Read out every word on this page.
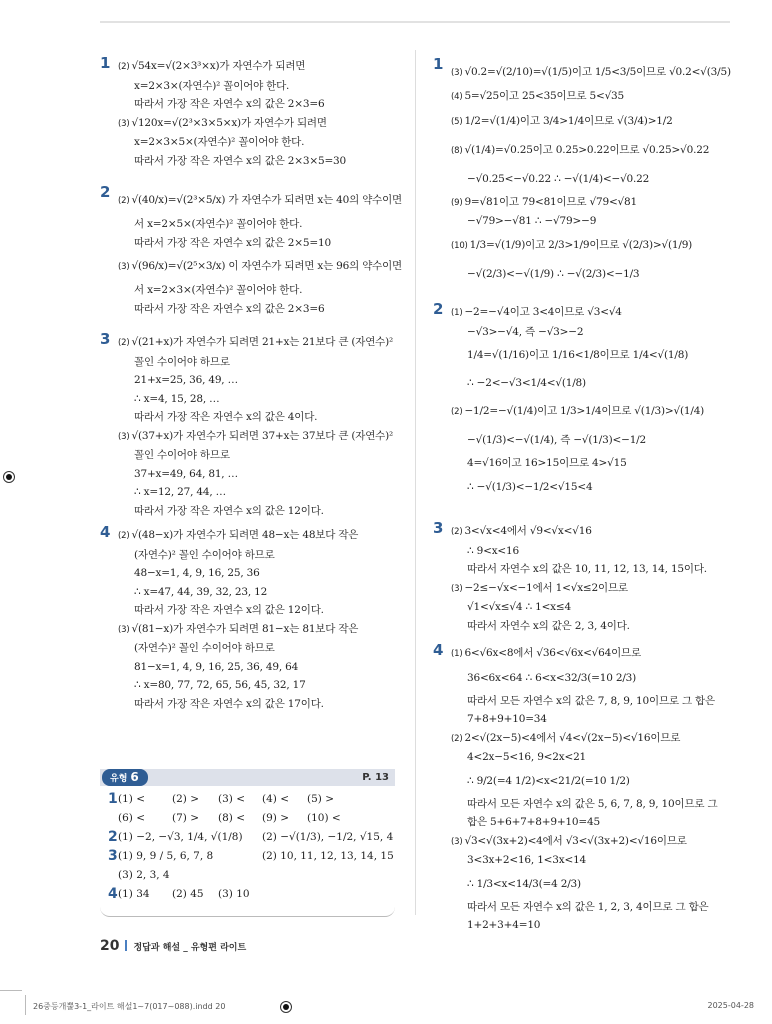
1 (2) √54x=√(2×3³×x)가 자연수가 되려면
x=2×3×(자연수)² 꼴이어야 한다.
따라서 가장 작은 자연수 x의 값은 2×3=6
(3) √120x=√(2³×3×5×x)가 자연수가 되려면
x=2×3×5×(자연수)² 꼴이어야 한다.
따라서 가장 작은 자연수 x의 값은 2×3×5=30
2 (2) √(40/x)=√(2³×5/x) 가 자연수가 되려면 x는 40의 약수이면
서 x=2×5×(자연수)² 꼴이어야 한다.
따라서 가장 작은 자연수 x의 값은 2×5=10
(3) √(96/x)=√(2⁵×3/x) 이 자연수가 되려면 x는 96의 약수이면
서 x=2×3×(자연수)² 꼴이어야 한다.
따라서 가장 작은 자연수 x의 값은 2×3=6
3 (2) √(21+x)가 자연수가 되려면 21+x는 21보다 큰 (자연수)²
꼴인 수이어야 하므로
21+x=25, 36, 49, …
∴ x=4, 15, 28, …
따라서 가장 작은 자연수 x의 값은 4이다.
(3) √(37+x)가 자연수가 되려면 37+x는 37보다 큰 (자연수)²
꼴인 수이어야 하므로
37+x=49, 64, 81, …
∴ x=12, 27, 44, …
따라서 가장 작은 자연수 x의 값은 12이다.
4 (2) √(48−x)가 자연수가 되려면 48−x는 48보다 작은
(자연수)² 꼴인 수이어야 하므로
48−x=1, 4, 9, 16, 25, 36
∴ x=47, 44, 39, 32, 23, 12
따라서 가장 작은 자연수 x의 값은 12이다.
(3) √(81−x)가 자연수가 되려면 81−x는 81보다 작은
(자연수)² 꼴인 수이어야 하므로
81−x=1, 4, 9, 16, 25, 36, 49, 64
∴ x=80, 77, 72, 65, 56, 45, 32, 17
따라서 가장 작은 자연수 x의 값은 17이다.
1 (3) √0.2=√(2/10)=√(1/5)이고 1/5<3/5이므로 √0.2<√(3/5)
(4) 5=√25이고 25<35이므로 5<√35
(5) 1/2=√(1/4)이고 3/4>1/4이므로 √(3/4)>1/2
(8) √(1/4)=√0.25이고 0.25>0.22이므로 √0.25>√0.22
−√0.25<−√0.22 ∴ −√(1/4)<−√0.22
(9) 9=√81이고 79<81이므로 √79<√81
−√79>−√81 ∴ −√79>−9
(10) 1/3=√(1/9)이고 2/3>1/9이므로 √(2/3)>√(1/9)
−√(2/3)<−√(1/9) ∴ −√(2/3)<−1/3
2 (1) −2=−√4이고 3<4이므로 √3<√4
−√3>−√4, 즉 −√3>−2
1/4=√(1/16)이고 1/16<1/8이므로 1/4<√(1/8)
∴ −2<−√3<1/4<√(1/8)
(2) −1/2=−√(1/4)이고 1/3>1/4이므로 √(1/3)>√(1/4)
−√(1/3)<−√(1/4), 즉 −√(1/3)<−1/2
4=√16이고 16>15이므로 4>√15
∴ −√(1/3)<−1/2<√15<4
3 (2) 3<√x<4에서 √9<√x<√16
∴ 9<x<16
따라서 자연수 x의 값은 10, 11, 12, 13, 14, 15이다.
(3) −2≤−√x<−1에서 1<√x≤2이므로
√1<√x≤√4 ∴ 1<x≤4
따라서 자연수 x의 값은 2, 3, 4이다.
4 (1) 6<√6x<8에서 √36<√6x<√64이므로
36<6x<64 ∴ 6<x<32/3(=10 2/3)
따라서 모든 자연수 x의 값은 7, 8, 9, 10이므로 그 합은
7+8+9+10=34
(2) 2<√(2x−5)<4에서 √4<√(2x−5)<√16이므로
4<2x−5<16, 9<2x<21
∴ 9/2(=4 1/2)<x<21/2(=10 1/2)
따라서 모든 자연수 x의 값은 5, 6, 7, 8, 9, 10이므로 그
합은 5+6+7+8+9+10=45
(3) √3<√(3x+2)<4에서 √3<√(3x+2)<√16이므로
3<3x+2<16, 1<3x<14
∴ 1/3<x<14/3(=4 2/3)
따라서 모든 자연수 x의 값은 1, 2, 3, 4이므로 그 합은
1+2+3+4=10
유형 6	P. 13
1 (1) <	(2) > (3) < (4) < (5) >
(6) <	(7) > (8) < (9) > (10) <
2 (1) −2, −√3, 1/4, √(1/8) (2) −√(1/3), −1/2, √15, 4
3 (1) 9, 9 / 5, 6, 7, 8	(2) 10, 11, 12, 13, 14, 15
(3) 2, 3, 4
4 (1) 34 (2) 45 (3) 10
20 정답과 해설 _ 유형편 라이트
26중등개뿔3-1_라이트 해설1~7(017~088).indd 20	2025-04-28
